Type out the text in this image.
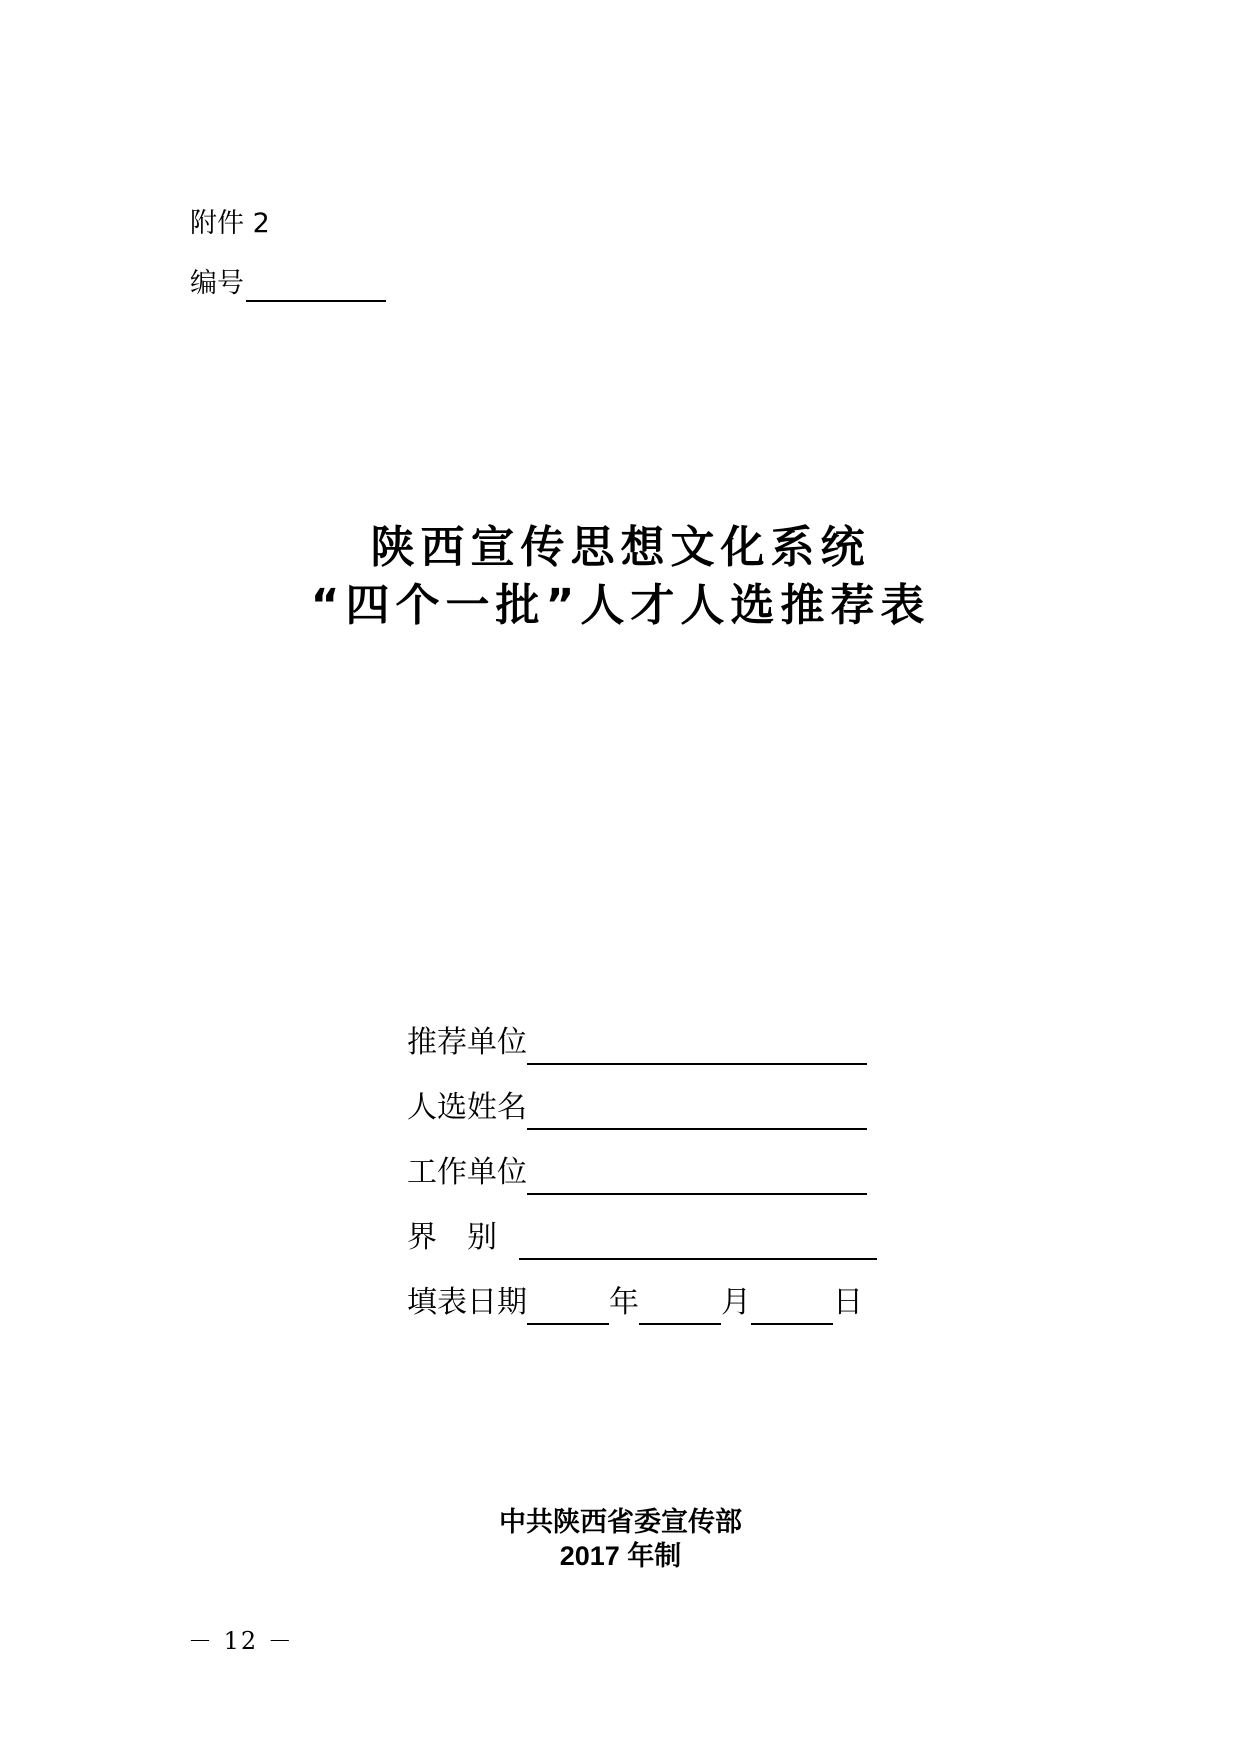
附件 2
编号
陕西宣传思想文化系统
“四个一批”人才人选推荐表
推荐单位
人选姓名
工作单位
界	别
填表日期	年	月	日
中共陕西省委宣传部
2017 年制
－ 12 －
